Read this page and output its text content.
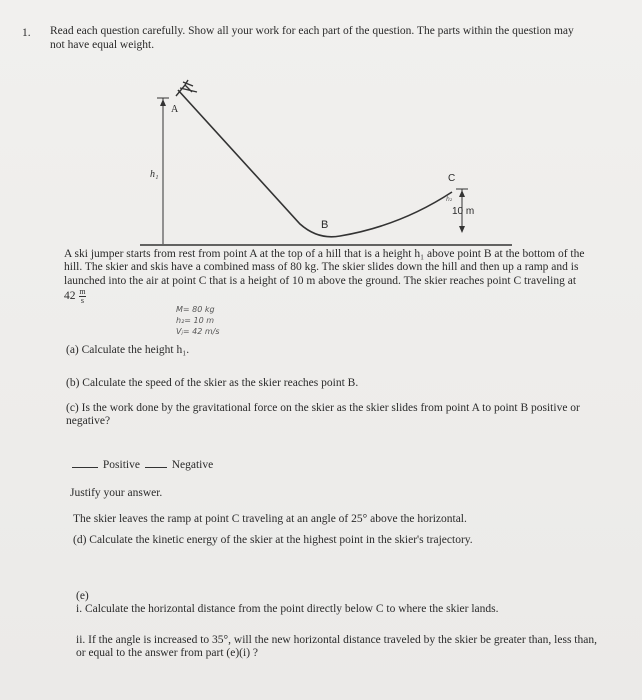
1. Read each question carefully. Show all your work for each part of the question. The parts within the question may
not have equal weight.
A
h₁
B
C
h₂
10 m
A ski jumper starts from rest from point A at the top of a hill that is a height h₁ above point B at the bottom of the
hill. The skier and skis have a combined mass of 80 kg. The skier slides down the hill and then up a ramp and is
launched into the air at point C that is a height of 10 m above the ground. The skier reaches point C traveling at
$42 \frac{m}{s}$
M= 80 kg
h₂= 10 m
Vⱼ= 42 m/s
(a) Calculate the height h₁.
(b) Calculate the speed of the skier as the skier reaches point B.
(c) Is the work done by the gravitational force on the skier as the skier slides from point A to point B positive or
negative?
Positive	Negative
Justify your answer.
The skier leaves the ramp at point C traveling at an angle of 25° above the horizontal.
(d) Calculate the kinetic energy of the skier at the highest point in the skier's trajectory.
(e)
i. Calculate the horizontal distance from the point directly below C to where the skier lands.
ii. If the angle is increased to 35°, will the new horizontal distance traveled by the skier be greater than, less than,
or equal to the answer from part (e)(i) ?
